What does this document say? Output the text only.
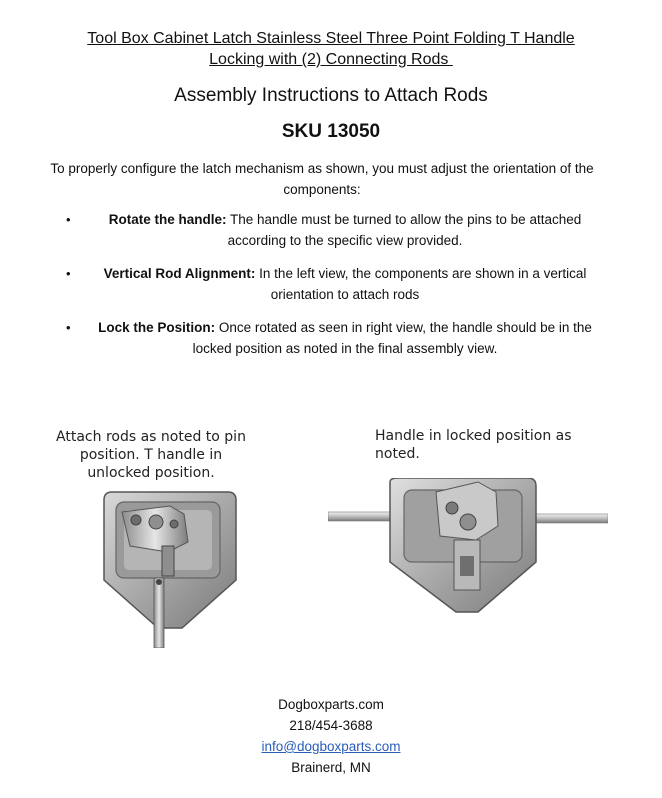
Tool Box Cabinet Latch Stainless Steel Three Point Folding T Handle
Locking with (2) Connecting Rods
Assembly Instructions to Attach Rods
SKU 13050
To properly configure the latch mechanism as shown, you must adjust the orientation of the components:
•	Rotate the handle: The handle must be turned to allow the pins to be attached according to the specific view provided.
•	Vertical Rod Alignment: In the left view, the components are shown in a vertical orientation to attach rods
•	Lock the Position: Once rotated as seen in right view, the handle should be in the locked position as noted in the final assembly view.
Attach rods as noted to pin position. T handle in unlocked position.
Handle in locked position as noted.
Dogboxparts.com
218/454-3688
info@dogboxparts.com
Brainerd, MN
